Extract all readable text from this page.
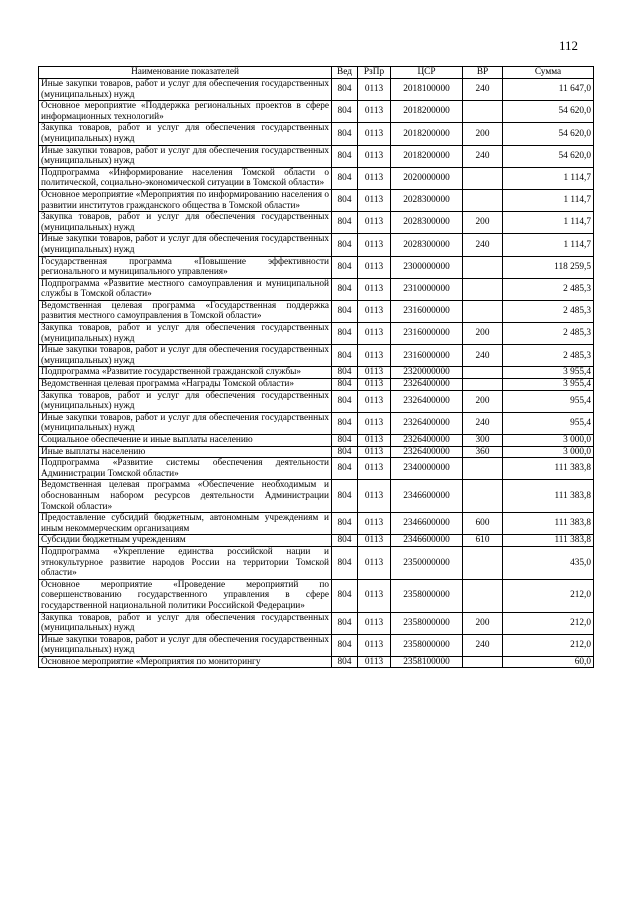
112
Наименование показателей	Вед	РзПр	ЦСР	ВР	Сумма
Иные закупки товаров, работ и услуг для обеспечения государственных (муниципальных) нужд	804	0113	2018100000	240	11 647,0
Основное мероприятие «Поддержка региональных проектов в сфере информационных технологий»	804	0113	2018200000		54 620,0
Закупка товаров, работ и услуг для обеспечения государственных (муниципальных) нужд	804	0113	2018200000	200	54 620,0
Иные закупки товаров, работ и услуг для обеспечения государственных (муниципальных) нужд	804	0113	2018200000	240	54 620,0
Подпрограмма «Информирование населения Томской области о политической, социально-экономической ситуации в Томской области»	804	0113	2020000000		1 114,7
Основное мероприятие «Мероприятия по информированию населения о развитии институтов гражданского общества в Томской области»	804	0113	2028300000		1 114,7
Закупка товаров, работ и услуг для обеспечения государственных (муниципальных) нужд	804	0113	2028300000	200	1 114,7
Иные закупки товаров, работ и услуг для обеспечения государственных (муниципальных) нужд	804	0113	2028300000	240	1 114,7
Государственная программа «Повышение эффективности регионального и муниципального управления»	804	0113	2300000000		118 259,5
Подпрограмма «Развитие местного самоуправления и муниципальной службы в Томской области»	804	0113	2310000000		2 485,3
Ведомственная целевая программа «Государственная поддержка развития местного самоуправления в Томской области»	804	0113	2316000000		2 485,3
Закупка товаров, работ и услуг для обеспечения государственных (муниципальных) нужд	804	0113	2316000000	200	2 485,3
Иные закупки товаров, работ и услуг для обеспечения государственных (муниципальных) нужд	804	0113	2316000000	240	2 485,3
Подпрограмма «Развитие государственной гражданской службы»	804	0113	2320000000		3 955,4
Ведомственная целевая программа «Награды Томской области»	804	0113	2326400000		3 955,4
Закупка товаров, работ и услуг для обеспечения государственных (муниципальных) нужд	804	0113	2326400000	200	955,4
Иные закупки товаров, работ и услуг для обеспечения государственных (муниципальных) нужд	804	0113	2326400000	240	955,4
Социальное обеспечение и иные выплаты населению	804	0113	2326400000	300	3 000,0
Иные выплаты населению	804	0113	2326400000	360	3 000,0
Подпрограмма «Развитие системы обеспечения деятельности Администрации Томской области»	804	0113	2340000000		111 383,8
Ведомственная целевая программа «Обеспечение необходимым и обоснованным набором ресурсов деятельности Администрации Томской области»	804	0113	2346600000		111 383,8
Предоставление субсидий бюджетным, автономным учреждениям и иным некоммерческим организациям	804	0113	2346600000	600	111 383,8
Субсидии бюджетным учреждениям	804	0113	2346600000	610	111 383,8
Подпрограмма «Укрепление единства российской нации и этнокультурное развитие народов России на территории Томской области»	804	0113	2350000000		435,0
Основное мероприятие «Проведение мероприятий по совершенствованию государственного управления в сфере государственной национальной политики Российской Федерации»	804	0113	2358000000		212,0
Закупка товаров, работ и услуг для обеспечения государственных (муниципальных) нужд	804	0113	2358000000	200	212,0
Иные закупки товаров, работ и услуг для обеспечения государственных (муниципальных) нужд	804	0113	2358000000	240	212,0
Основное мероприятие «Мероприятия по мониторингу	804	0113	2358100000		60,0
